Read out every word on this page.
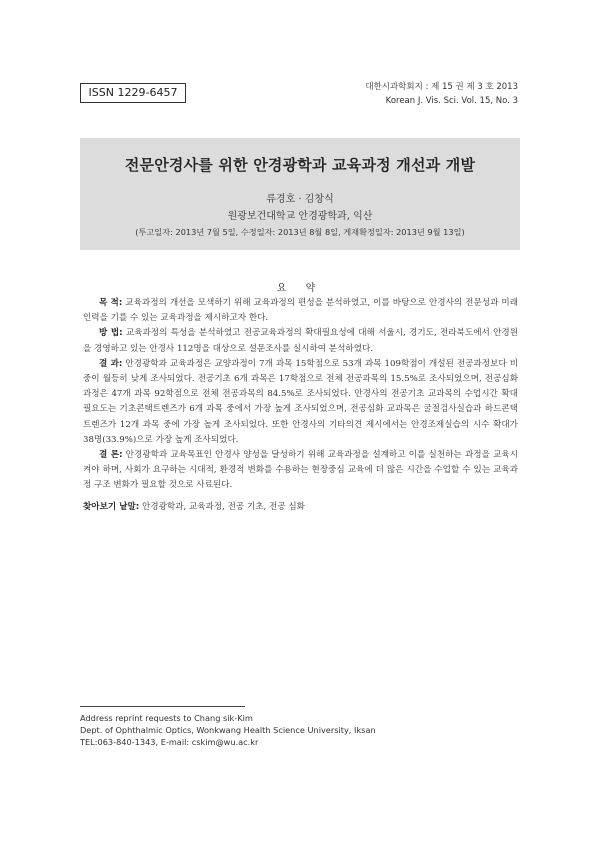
ISSN 1229-6457	대한시과학회지 : 제 15 권 제 3 호 2013
Korean J. Vis. Sci. Vol. 15, No. 3
전문안경사를 위한 안경광학과 교육과정 개선과 개발
류경호 · 김창식
원광보건대학교 안경광학과, 익산
(투고일자: 2013년 7월 5일, 수정일자: 2013년 8월 8일, 게재확정일자: 2013년 9월 13일)
요 약

목 적: 교육과정의 개선을 모색하기 위해 교육과정의 편성을 분석하였고, 이를 바탕으로 안경사의 전문성과 미래 인력을 기를 수 있는 교육과정을 제시하고자 한다.

방 법: 교육과정의 특성을 분석하였고 전공교육과정의 확대필요성에 대해 서울시, 경기도, 전라북도에서 안경원을 경영하고 있는 안경사 112명을 대상으로 설문조사를 실시하여 분석하였다.

결 과: 안경광학과 교육과정은 교양과정이 7개 과목 15학점으로 53개 과목 109학점이 개설된 전공과정보다 비중이 월등히 낮게 조사되었다. 전공기초 6개 과목은 17학점으로 전체 전공과목의 15.5%로 조사되었으며, 전공심화 과정은 47개 과목 92학점으로 전체 전공과목의 84.5%로 조사되었다. 안경사의 전공기초 교과목의 수업시간 확대 필요도는 기초콘택트렌즈가 6개 과목 중에서 가장 높게 조사되었으며, 전공심화 교과목은 굴절검사실습과 하드콘택트렌즈가 12개 과목 중에 가장 높게 조사되었다. 또한 안경사의 기타의견 제시에서는 안경조제실습의 시수 확대가 38명(33.9%)으로 가장 높게 조사되었다.

결 론: 안경광학과 교육목표인 안경사 양성을 달성하기 위해 교육과정을 설계하고 이를 실천하는 과정을 교육시켜야 하며, 사회가 요구하는 시대적, 환경적 변화를 수용하는 현장중심 교육에 더 많은 시간을 수업할 수 있는 교육과정 구조 변화가 필요할 것으로 사료된다.

찾아보기 낱말: 안경광학과, 교육과정, 전공 기초, 전공 심화

Address reprint requests to Chang sik-Kim
Dept. of Ophthalmic Optics, Wonkwang Health Science University, Iksan
TEL:063-840-1343, E-mail: cskim@wu.ac.kr
